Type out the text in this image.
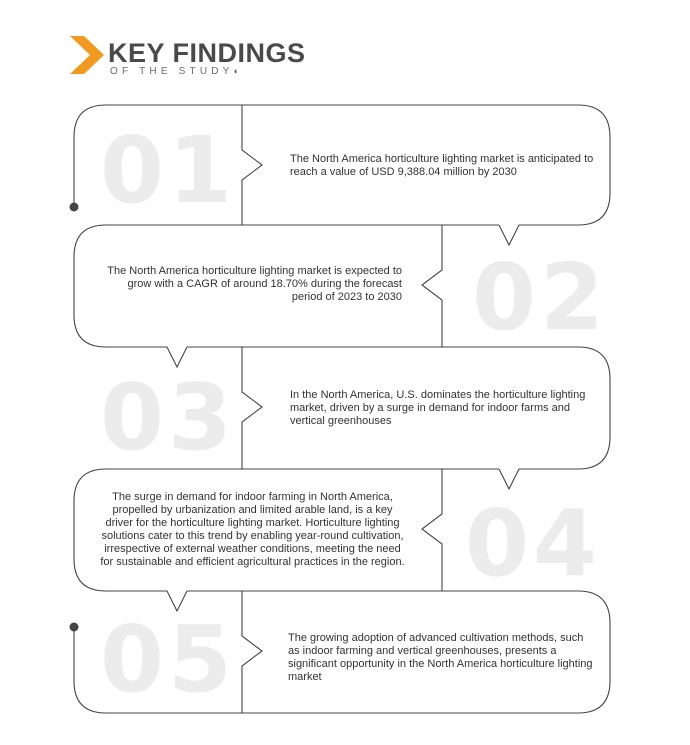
KEY FINDINGS
OF THE STUDY◖
01
02
03
04
05
The North America horticulture lighting market is anticipated to reach a value of USD 9,388.04 million by 2030
The North America horticulture lighting market is expected to grow with a CAGR of around 18.70% during the forecast period of 2023 to 2030
In the North America, U.S. dominates the horticulture lighting market, driven by a surge in demand for indoor farms and vertical greenhouses
The surge in demand for indoor farming in North America, propelled by urbanization and limited arable land, is a key driver for the horticulture lighting market. Horticulture lighting solutions cater to this trend by enabling year-round cultivation, irrespective of external weather conditions, meeting the need for sustainable and efficient agricultural practices in the region.
The growing adoption of advanced cultivation methods, such as indoor farming and vertical greenhouses, presents a significant opportunity in the North America horticulture lighting market
